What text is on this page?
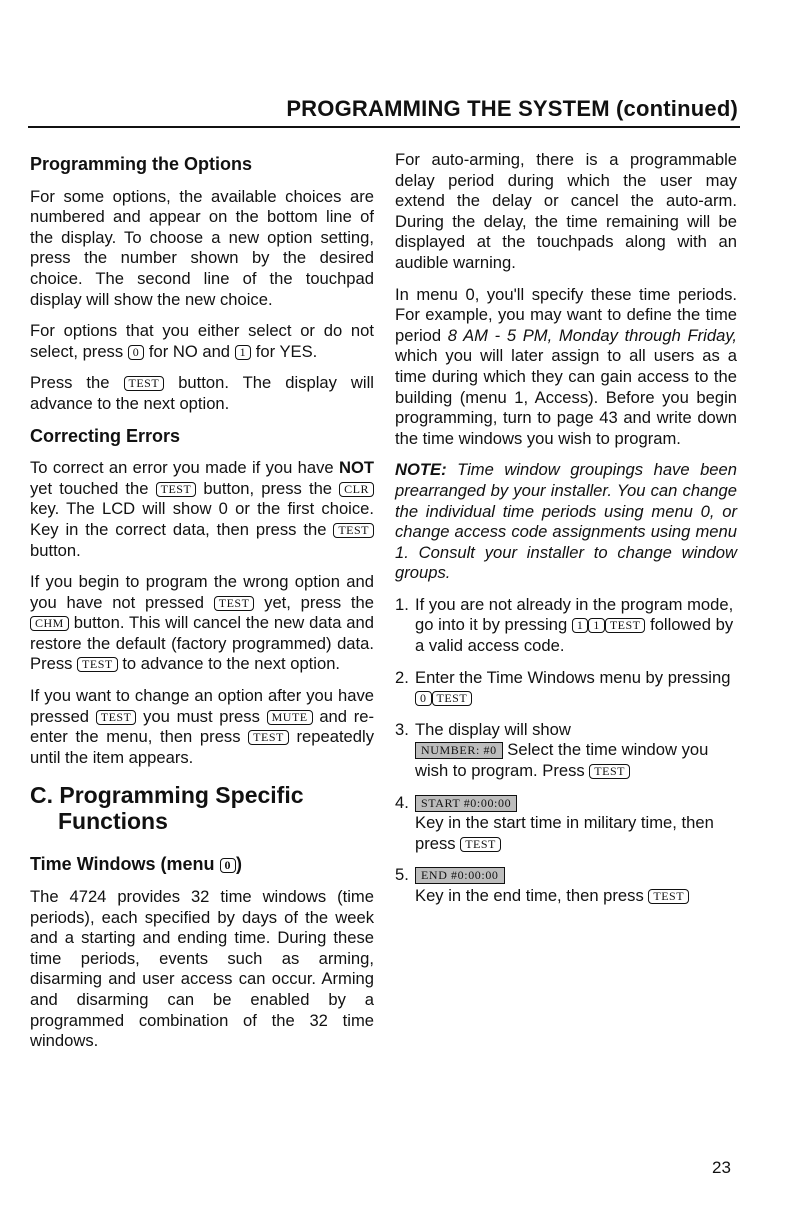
PROGRAMMING THE SYSTEM (continued)
Programming the Options

For some options, the available choices are numbered and appear on the bottom line of the display. To choose a new option setting, press the number shown by the desired choice. The second line of the touchpad display will show the new choice.

For options that you either select or do not select, press 0 for NO and 1 for YES.

Press the TEST button. The display will advance to the next option.

Correcting Errors

To correct an error you made if you have NOT yet touched the TEST button, press the CLR key. The LCD will show 0 or the first choice. Key in the correct data, then press the TEST button.

If you begin to program the wrong option and you have not pressed TEST yet, press the CHM button. This will cancel the new data and restore the default (factory programmed) data. Press TEST to advance to the next option.

If you want to change an option after you have pressed TEST you must press MUTE and re-enter the menu, then press TEST repeatedly until the item appears.

C. Programming Specific
Functions
Time Windows (menu 0 )

The 4724 provides 32 time windows (time periods), each specified by days of the week and a starting and ending time. During these time periods, events such as arming, disarming and user access can occur. Arming and disarming can be enabled by a programmed combination of the 32 time windows.

For auto-arming, there is a programmable delay period during which the user may extend the delay or cancel the auto-arm. During the delay, the time remaining will be displayed at the touchpads along with an audible warning.

In menu 0, you'll specify these time periods. For example, you may want to define the time period 8 AM - 5 PM, Monday through Friday, which you will later assign to all users as a time during which they can gain access to the building (menu 1, Access). Before you begin programming, turn to page 43 and write down the time windows you wish to program.

NOTE: Time window groupings have been prearranged by your installer. You can change the individual time periods using menu 0, or change access code assignments using menu 1. Consult your installer to change window groups.

1. If you are not already in the program mode, go into it by pressing 1 1 TEST followed by a valid access code.
2. Enter the Time Windows menu by pressing 0 TEST
3. The display will show
NUMBER: #0 Select the time window you wish to program. Press TEST
4. START #0:00:00
Key in the start time in military time, then press TEST
5. END #0:00:00
Key in the end time, then press TEST
23
